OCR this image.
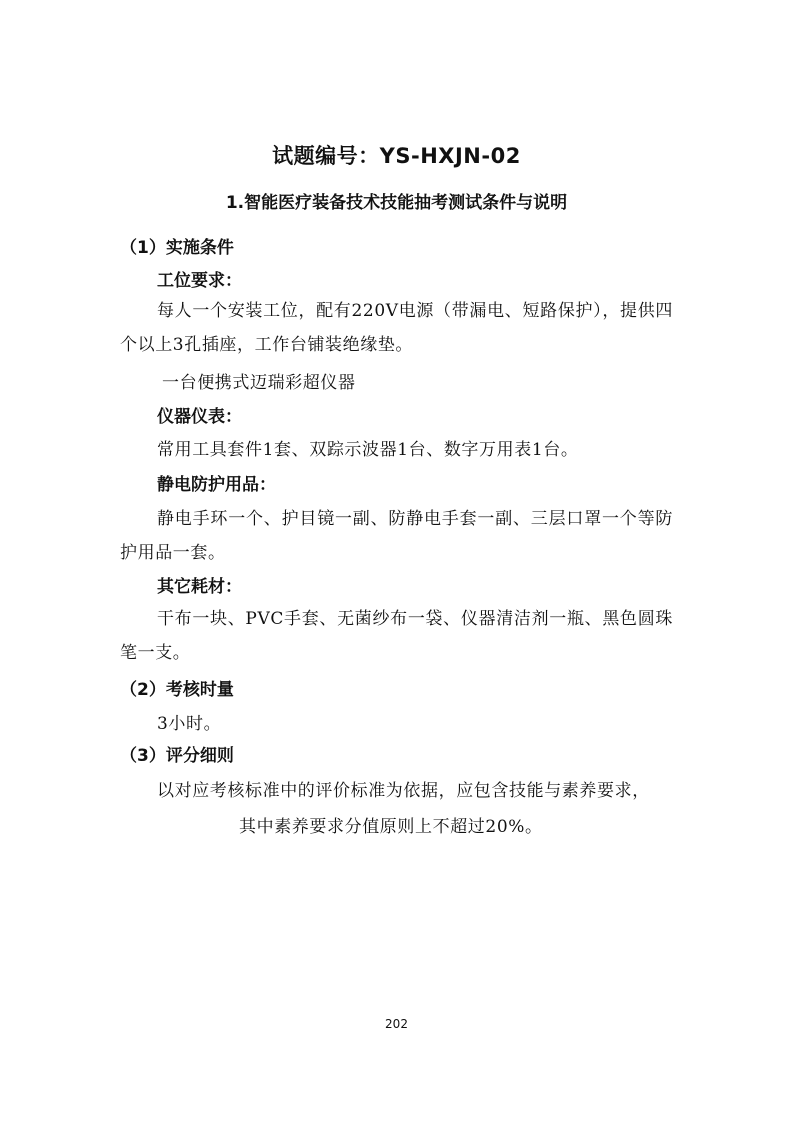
试题编号：YS-HXJN-02
1.智能医疗装备技术技能抽考测试条件与说明
（1）实施条件
工位要求：
每人一个安装工位，配有220V电源（带漏电、短路保护），提供四个以上3孔插座，工作台铺装绝缘垫。
一台便携式迈瑞彩超仪器
仪器仪表：
常用工具套件1套、双踪示波器1台、数字万用表1台。
静电防护用品：
静电手环一个、护目镜一副、防静电手套一副、三层口罩一个等防护用品一套。
其它耗材：
干布一块、PVC手套、无菌纱布一袋、仪器清洁剂一瓶、黑色圆珠笔一支。
（2）考核时量
3小时。
（3）评分细则
以对应考核标准中的评价标准为依据，应包含技能与素养要求，
其中素养要求分值原则上不超过20%。
202
